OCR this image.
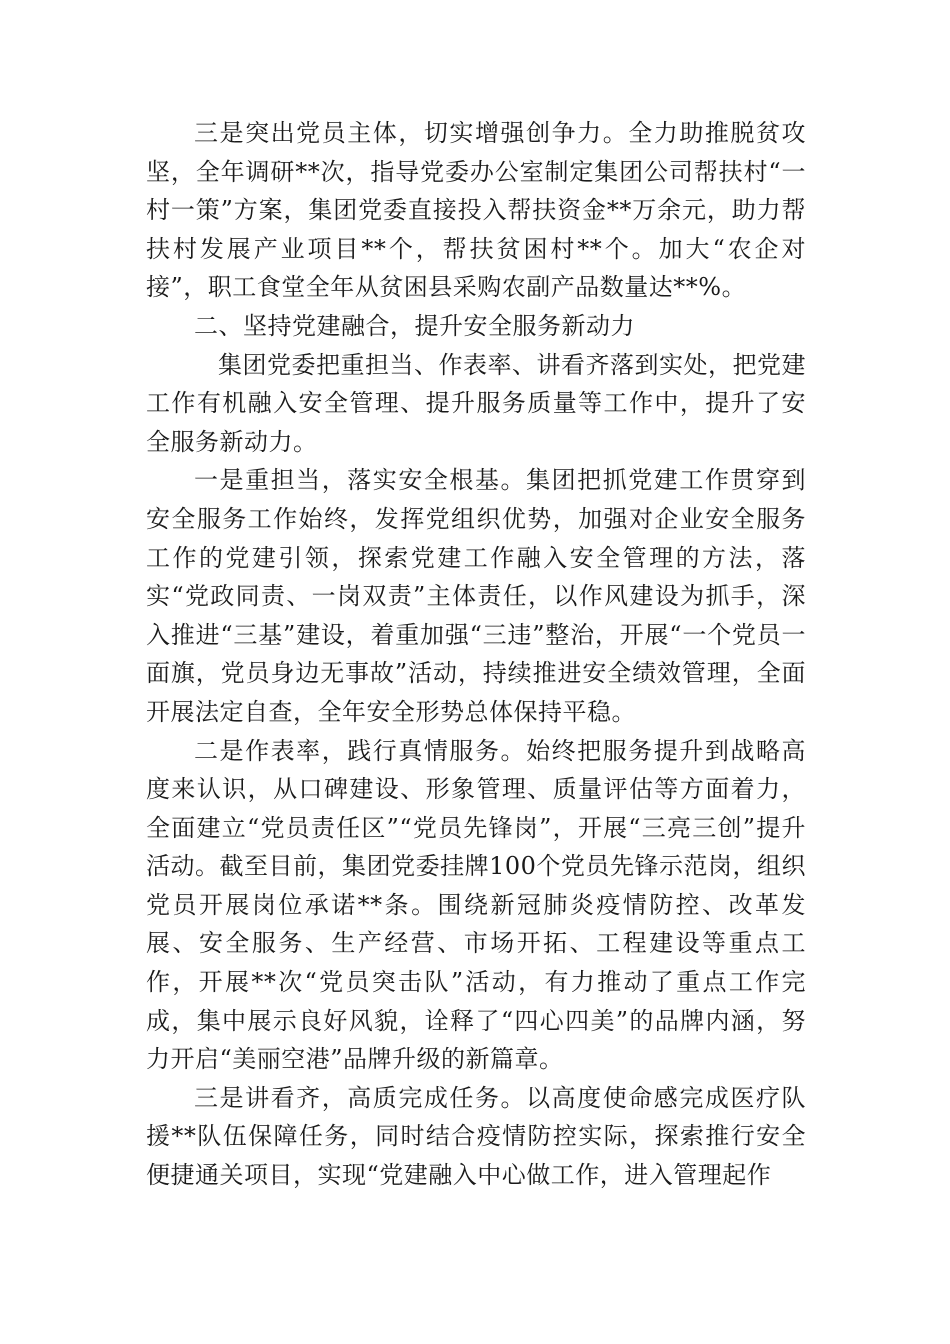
三是突出党员主体，切实增强创争力。全力助推脱贫攻坚，全年调研**次，指导党委办公室制定集团公司帮扶村“一村一策”方案，集团党委直接投入帮扶资金**万余元，助力帮扶村发展产业项目**个，帮扶贫困村**个。加大“农企对接”，职工食堂全年从贫困县采购农副产品数量达**%。

二、坚持党建融合，提升安全服务新动力

集团党委把重担当、作表率、讲看齐落到实处，把党建工作有机融入安全管理、提升服务质量等工作中，提升了安全服务新动力。

一是重担当，落实安全根基。集团把抓党建工作贯穿到安全服务工作始终，发挥党组织优势，加强对企业安全服务工作的党建引领，探索党建工作融入安全管理的方法，落实“党政同责、一岗双责”主体责任，以作风建设为抓手，深入推进“三基”建设，着重加强“三违”整治，开展“一个党员一面旗，党员身边无事故”活动，持续推进安全绩效管理，全面开展法定自查，全年安全形势总体保持平稳。

二是作表率，践行真情服务。始终把服务提升到战略高度来认识，从口碑建设、形象管理、质量评估等方面着力，全面建立“党员责任区”“党员先锋岗”，开展“三亮三创”提升活动。截至目前，集团党委挂牌100个党员先锋示范岗，组织党员开展岗位承诺**条。围绕新冠肺炎疫情防控、改革发展、安全服务、生产经营、市场开拓、工程建设等重点工作，开展**次“党员突击队”活动，有力推动了重点工作完成，集中展示良好风貌，诠释了“四心四美”的品牌内涵，努力开启“美丽空港”品牌升级的新篇章。

三是讲看齐，高质完成任务。以高度使命感完成医疗队援**队伍保障任务，同时结合疫情防控实际，探索推行安全便捷通关项目，实现“党建融入中心做工作，进入管理起作
